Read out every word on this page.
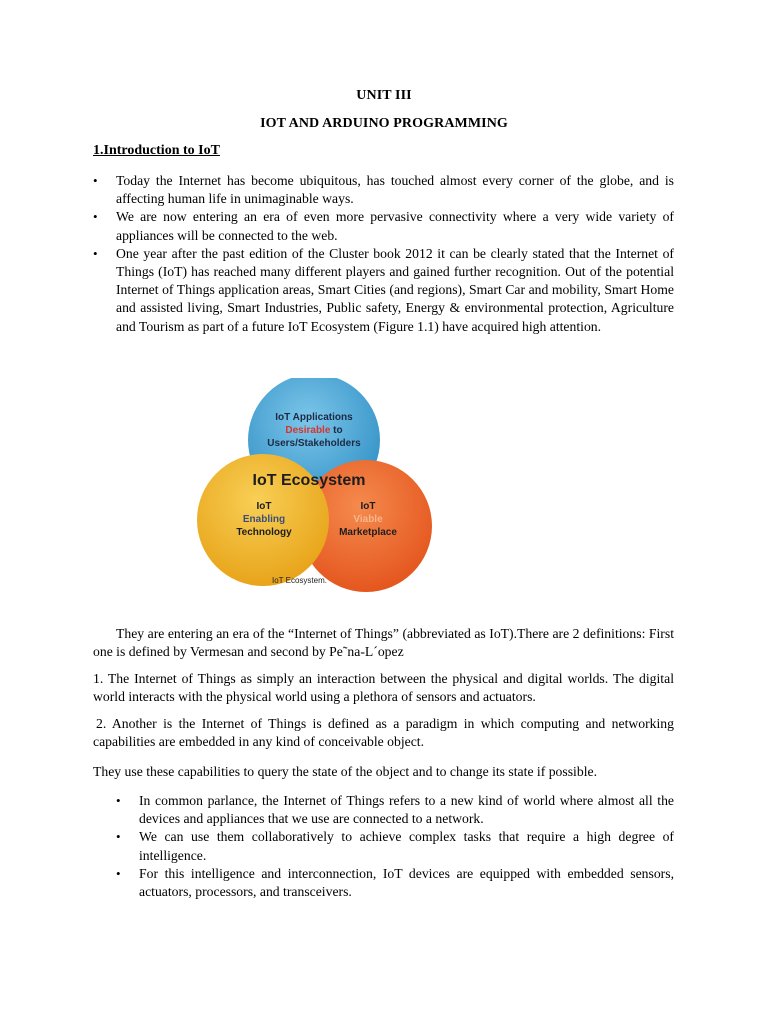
UNIT III
IOT AND ARDUINO PROGRAMMING
1.Introduction to IoT
• Today the Internet has become ubiquitous, has touched almost every corner of the globe, and is affecting human life in unimaginable ways.
• We are now entering an era of even more pervasive connectivity where a very wide variety of appliances will be connected to the web.
• One year after the past edition of the Cluster book 2012 it can be clearly stated that the Internet of Things (IoT) has reached many different players and gained further recognition. Out of the potential Internet of Things application areas, Smart Cities (and regions), Smart Car and mobility, Smart Home and assisted living, Smart Industries, Public safety, Energy & environmental protection, Agriculture and Tourism as part of a future IoT Ecosystem (Figure 1.1) have acquired high attention.
IoT Applications
Desirable to
Users/Stakeholders
IoT Ecosystem
IoT
Enabling
Technology
IoT
Viable
Marketplace
IoT Ecosystem.
They are entering an era of the “Internet of Things” (abbreviated as IoT).There are 2 definitions: First one is defined by Vermesan and second by Pe˜na-L´opez
1. The Internet of Things as simply an interaction between the physical and digital worlds. The digital world interacts with the physical world using a plethora of sensors and actuators.
2. Another is the Internet of Things is defined as a paradigm in which computing and networking capabilities are embedded in any kind of conceivable object.
They use these capabilities to query the state of the object and to change its state if possible.
• In common parlance, the Internet of Things refers to a new kind of world where almost all the devices and appliances that we use are connected to a network.
• We can use them collaboratively to achieve complex tasks that require a high degree of intelligence.
• For this intelligence and interconnection, IoT devices are equipped with embedded sensors, actuators, processors, and transceivers.
